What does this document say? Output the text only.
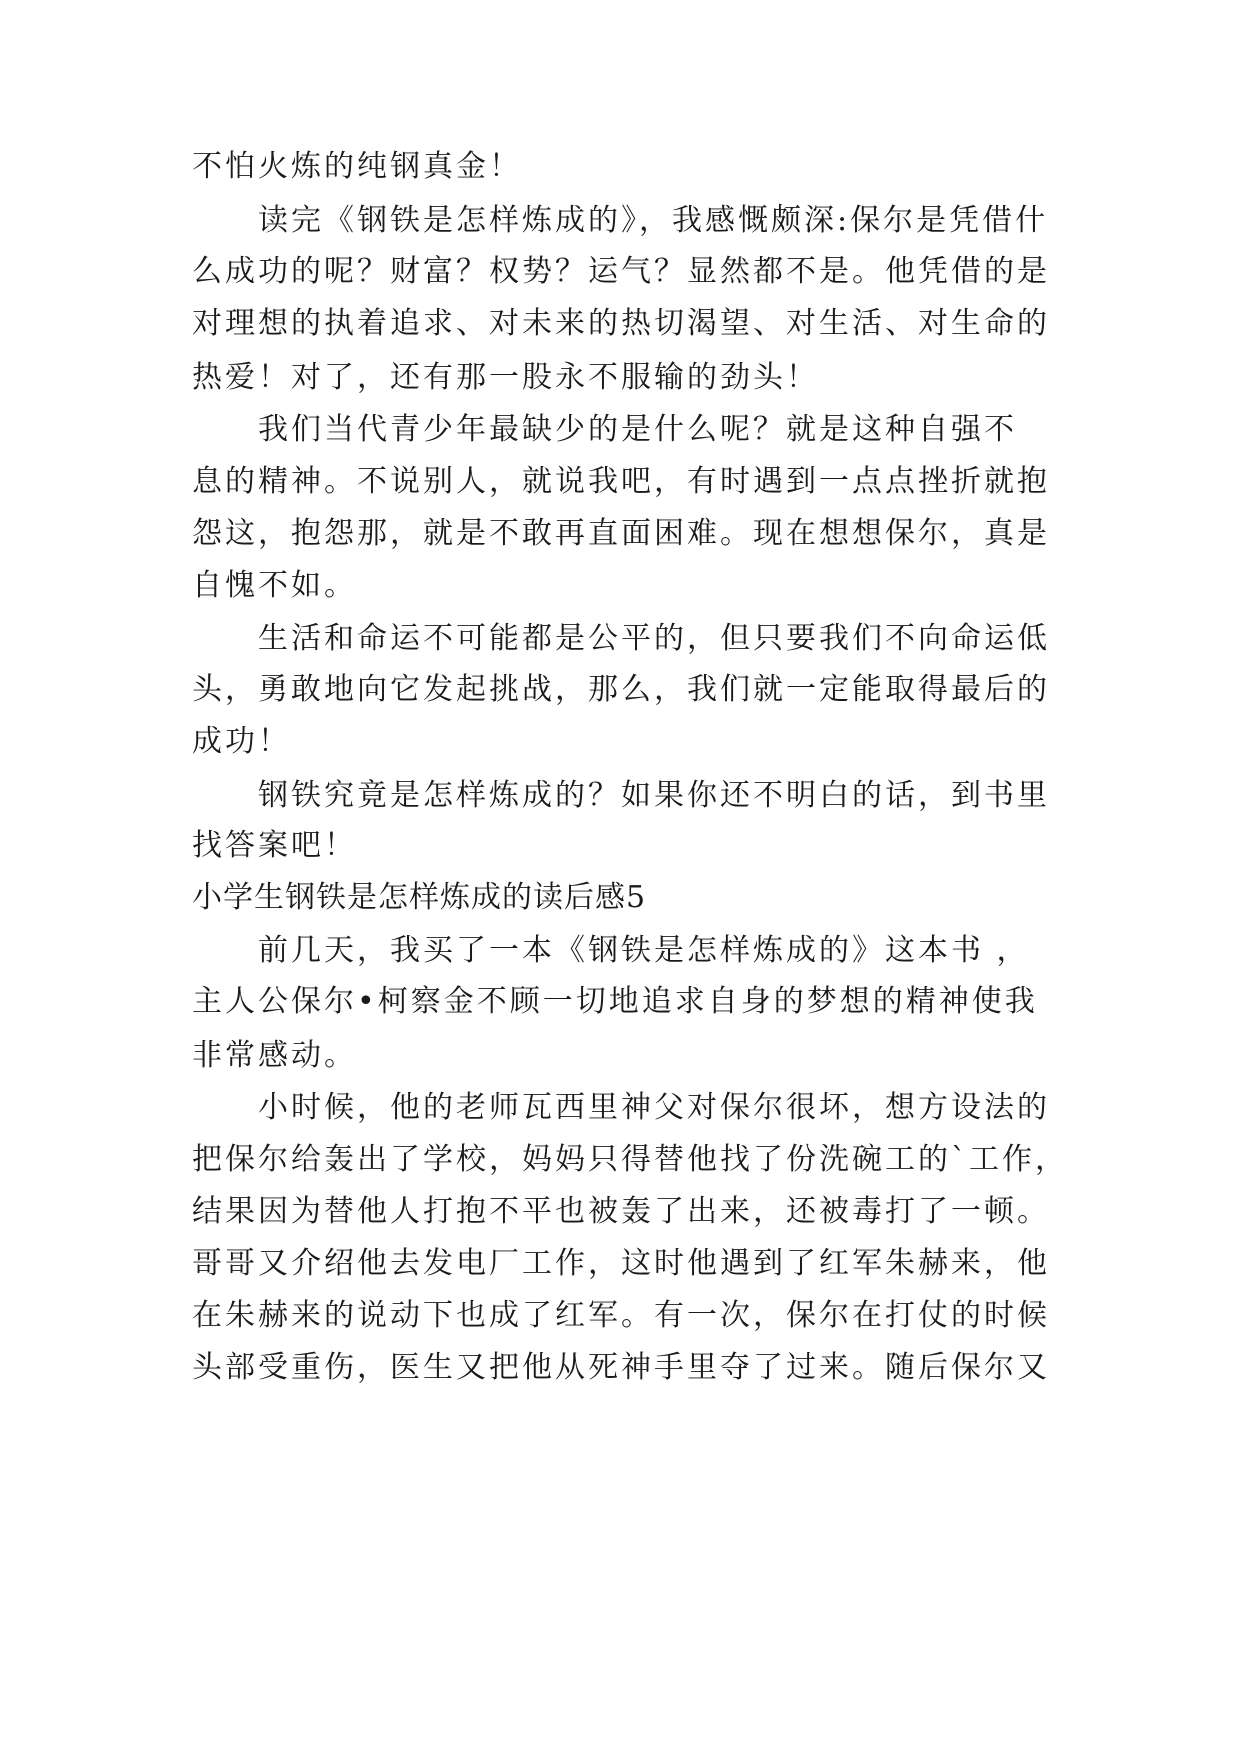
不怕火炼的纯钢真金！
读完《钢铁是怎样炼成的》，我感慨颇深:保尔是凭借什
么成功的呢？财富？权势？运气？显然都不是。他凭借的是
对理想的执着追求、对未来的热切渴望、对生活、对生命的
热爱！对了，还有那一股永不服输的劲头！
我们当代青少年最缺少的是什么呢？就是这种自强不
息的精神。不说别人，就说我吧，有时遇到一点点挫折就抱
怨这，抱怨那，就是不敢再直面困难。现在想想保尔，真是
自愧不如。
生活和命运不可能都是公平的，但只要我们不向命运低
头，勇敢地向它发起挑战，那么，我们就一定能取得最后的
成功！
钢铁究竟是怎样炼成的？如果你还不明白的话，到书里
找答案吧！
小学生钢铁是怎样炼成的读后感5
前几天，我买了一本《钢铁是怎样炼成的》这本书 ，
主人公保尔•柯察金不顾一切地追求自身的梦想的精神使我
非常感动。
小时候，他的老师瓦西里神父对保尔很坏，想方设法的
把保尔给轰出了学校，妈妈只得替他找了份洗碗工的`工作，
结果因为替他人打抱不平也被轰了出来，还被毒打了一顿。
哥哥又介绍他去发电厂工作，这时他遇到了红军朱赫来，他
在朱赫来的说动下也成了红军。有一次，保尔在打仗的时候
头部受重伤，医生又把他从死神手里夺了过来。随后保尔又
